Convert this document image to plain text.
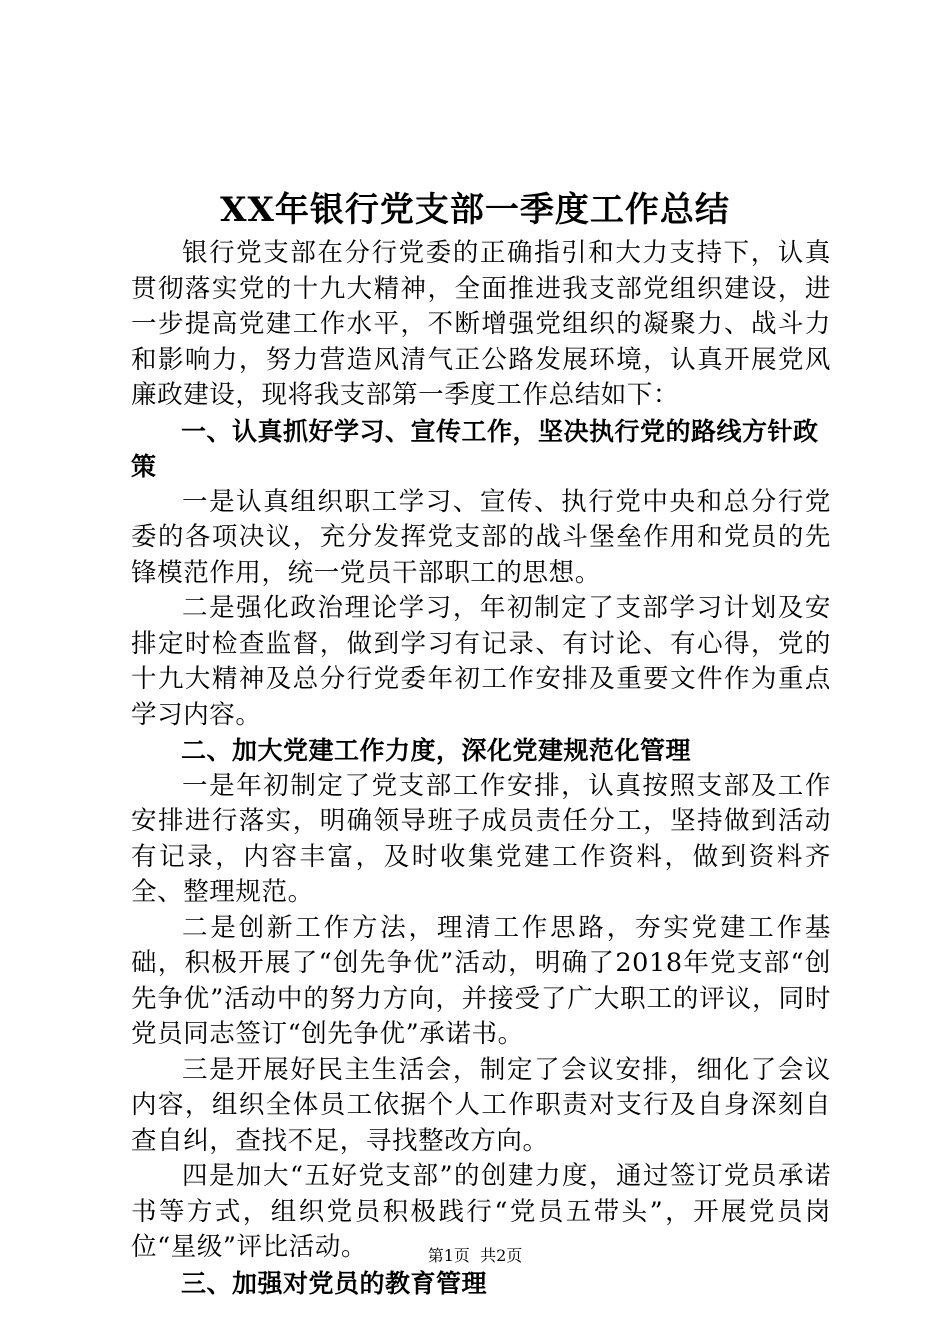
XX年银行党支部一季度工作总结

银行党支部在分行党委的正确指引和大力支持下，认真贯彻落实党的十九大精神，全面推进我支部党组织建设，进一步提高党建工作水平，不断增强党组织的凝聚力、战斗力和影响力，努力营造风清气正公路发展环境，认真开展党风廉政建设，现将我支部第一季度工作总结如下：

一、认真抓好学习、宣传工作，坚决执行党的路线方针政策

一是认真组织职工学习、宣传、执行党中央和总分行党委的各项决议，充分发挥党支部的战斗堡垒作用和党员的先锋模范作用，统一党员干部职工的思想。

二是强化政治理论学习，年初制定了支部学习计划及安排定时检查监督，做到学习有记录、有讨论、有心得，党的十九大精神及总分行党委年初工作安排及重要文件作为重点学习内容。

二、加大党建工作力度，深化党建规范化管理

一是年初制定了党支部工作安排，认真按照支部及工作安排进行落实，明确领导班子成员责任分工，坚持做到活动有记录，内容丰富，及时收集党建工作资料，做到资料齐全、整理规范。

二是创新工作方法，理清工作思路，夯实党建工作基础，积极开展了“创先争优”活动，明确了2018年党支部“创先争优”活动中的努力方向，并接受了广大职工的评议，同时党员同志签订“创先争优”承诺书。

三是开展好民主生活会，制定了会议安排，细化了会议内容，组织全体员工依据个人工作职责对支行及自身深刻自查自纠，查找不足，寻找整改方向。

四是加大“五好党支部”的创建力度，通过签订党员承诺书等方式，组织党员积极践行“党员五带头”，开展党员岗位“星级”评比活动。

三、加强对党员的教育管理

第1页  共2页
